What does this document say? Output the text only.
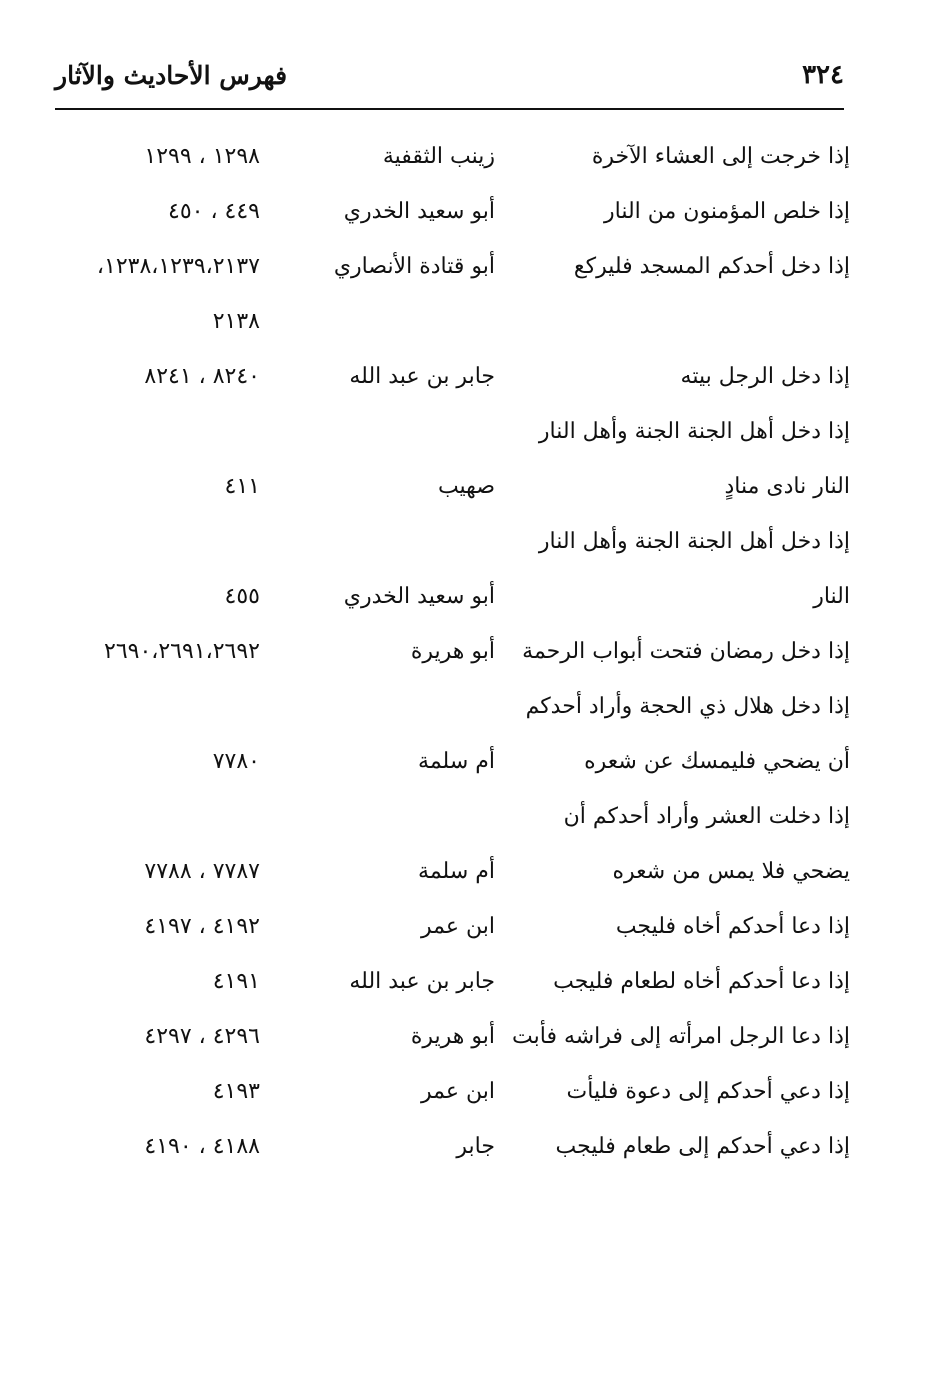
فهرس الأحاديث والآثار	٣٢٤
إذا خرجت إلى العشاء الآخرة
زينب الثقفية
١٢٩٨ ، ١٢٩٩
إذا خلص المؤمنون من النار
أبو سعيد الخدري
٤٤٩ ، ٤٥٠
إذا دخل أحدكم المسجد فليركع
أبو قتادة الأنصاري
١٢٣٨،١٢٣٩،٢١٣٧،
٢١٣٨
إذا دخل الرجل بيته
جابر بن عبد الله
٨٢٤٠ ، ٨٢٤١
إذا دخل أهل الجنة الجنة وأهل النار
النار نادى منادٍ
صهيب
٤١١
إذا دخل أهل الجنة الجنة وأهل النار
النار
أبو سعيد الخدري
٤٥٥
إذا دخل رمضان فتحت أبواب الرحمة
أبو هريرة
٢٦٩٠،٢٦٩١،٢٦٩٢
إذا دخل هلال ذي الحجة وأراد أحدكم
أن يضحي فليمسك عن شعره
أم سلمة
٧٧٨٠
إذا دخلت العشر وأراد أحدكم أن
يضحي فلا يمس من شعره
أم سلمة
٧٧٨٧ ، ٧٧٨٨
إذا دعا أحدكم أخاه فليجب
ابن عمر
٤١٩٢ ، ٤١٩٧
إذا دعا أحدكم أخاه لطعام فليجب
جابر بن عبد الله
٤١٩١
إذا دعا الرجل امرأته إلى فراشه فأبت
أبو هريرة
٤٢٩٦ ، ٤٢٩٧
إذا دعي أحدكم إلى دعوة فليأت
ابن عمر
٤١٩٣
إذا دعي أحدكم إلى طعام فليجب
جابر
٤١٨٨ ، ٤١٩٠
